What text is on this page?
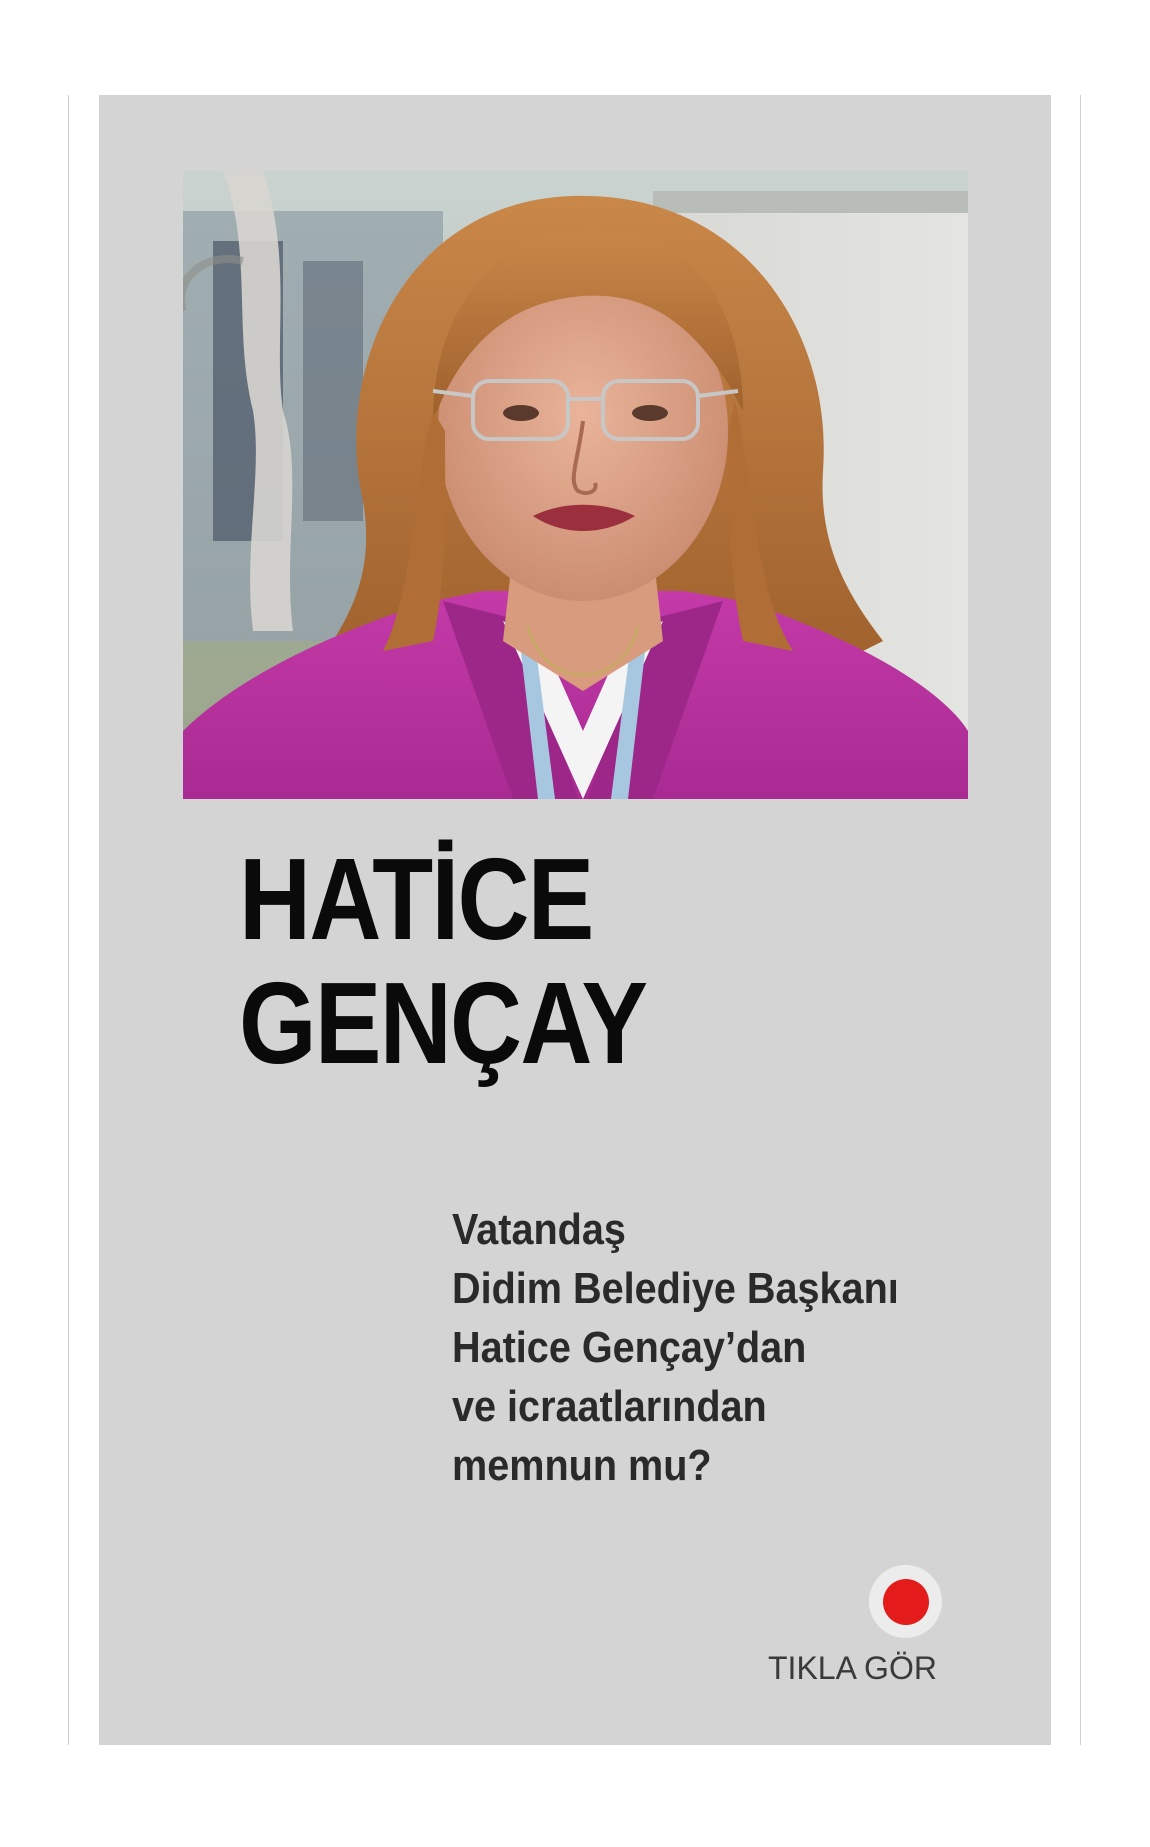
HATİCE
GENÇAY

Vatandaş
Didim Belediye Başkanı
Hatice Gençay’dan
ve icraatlarından
memnun mu?

TIKLA GÖR
